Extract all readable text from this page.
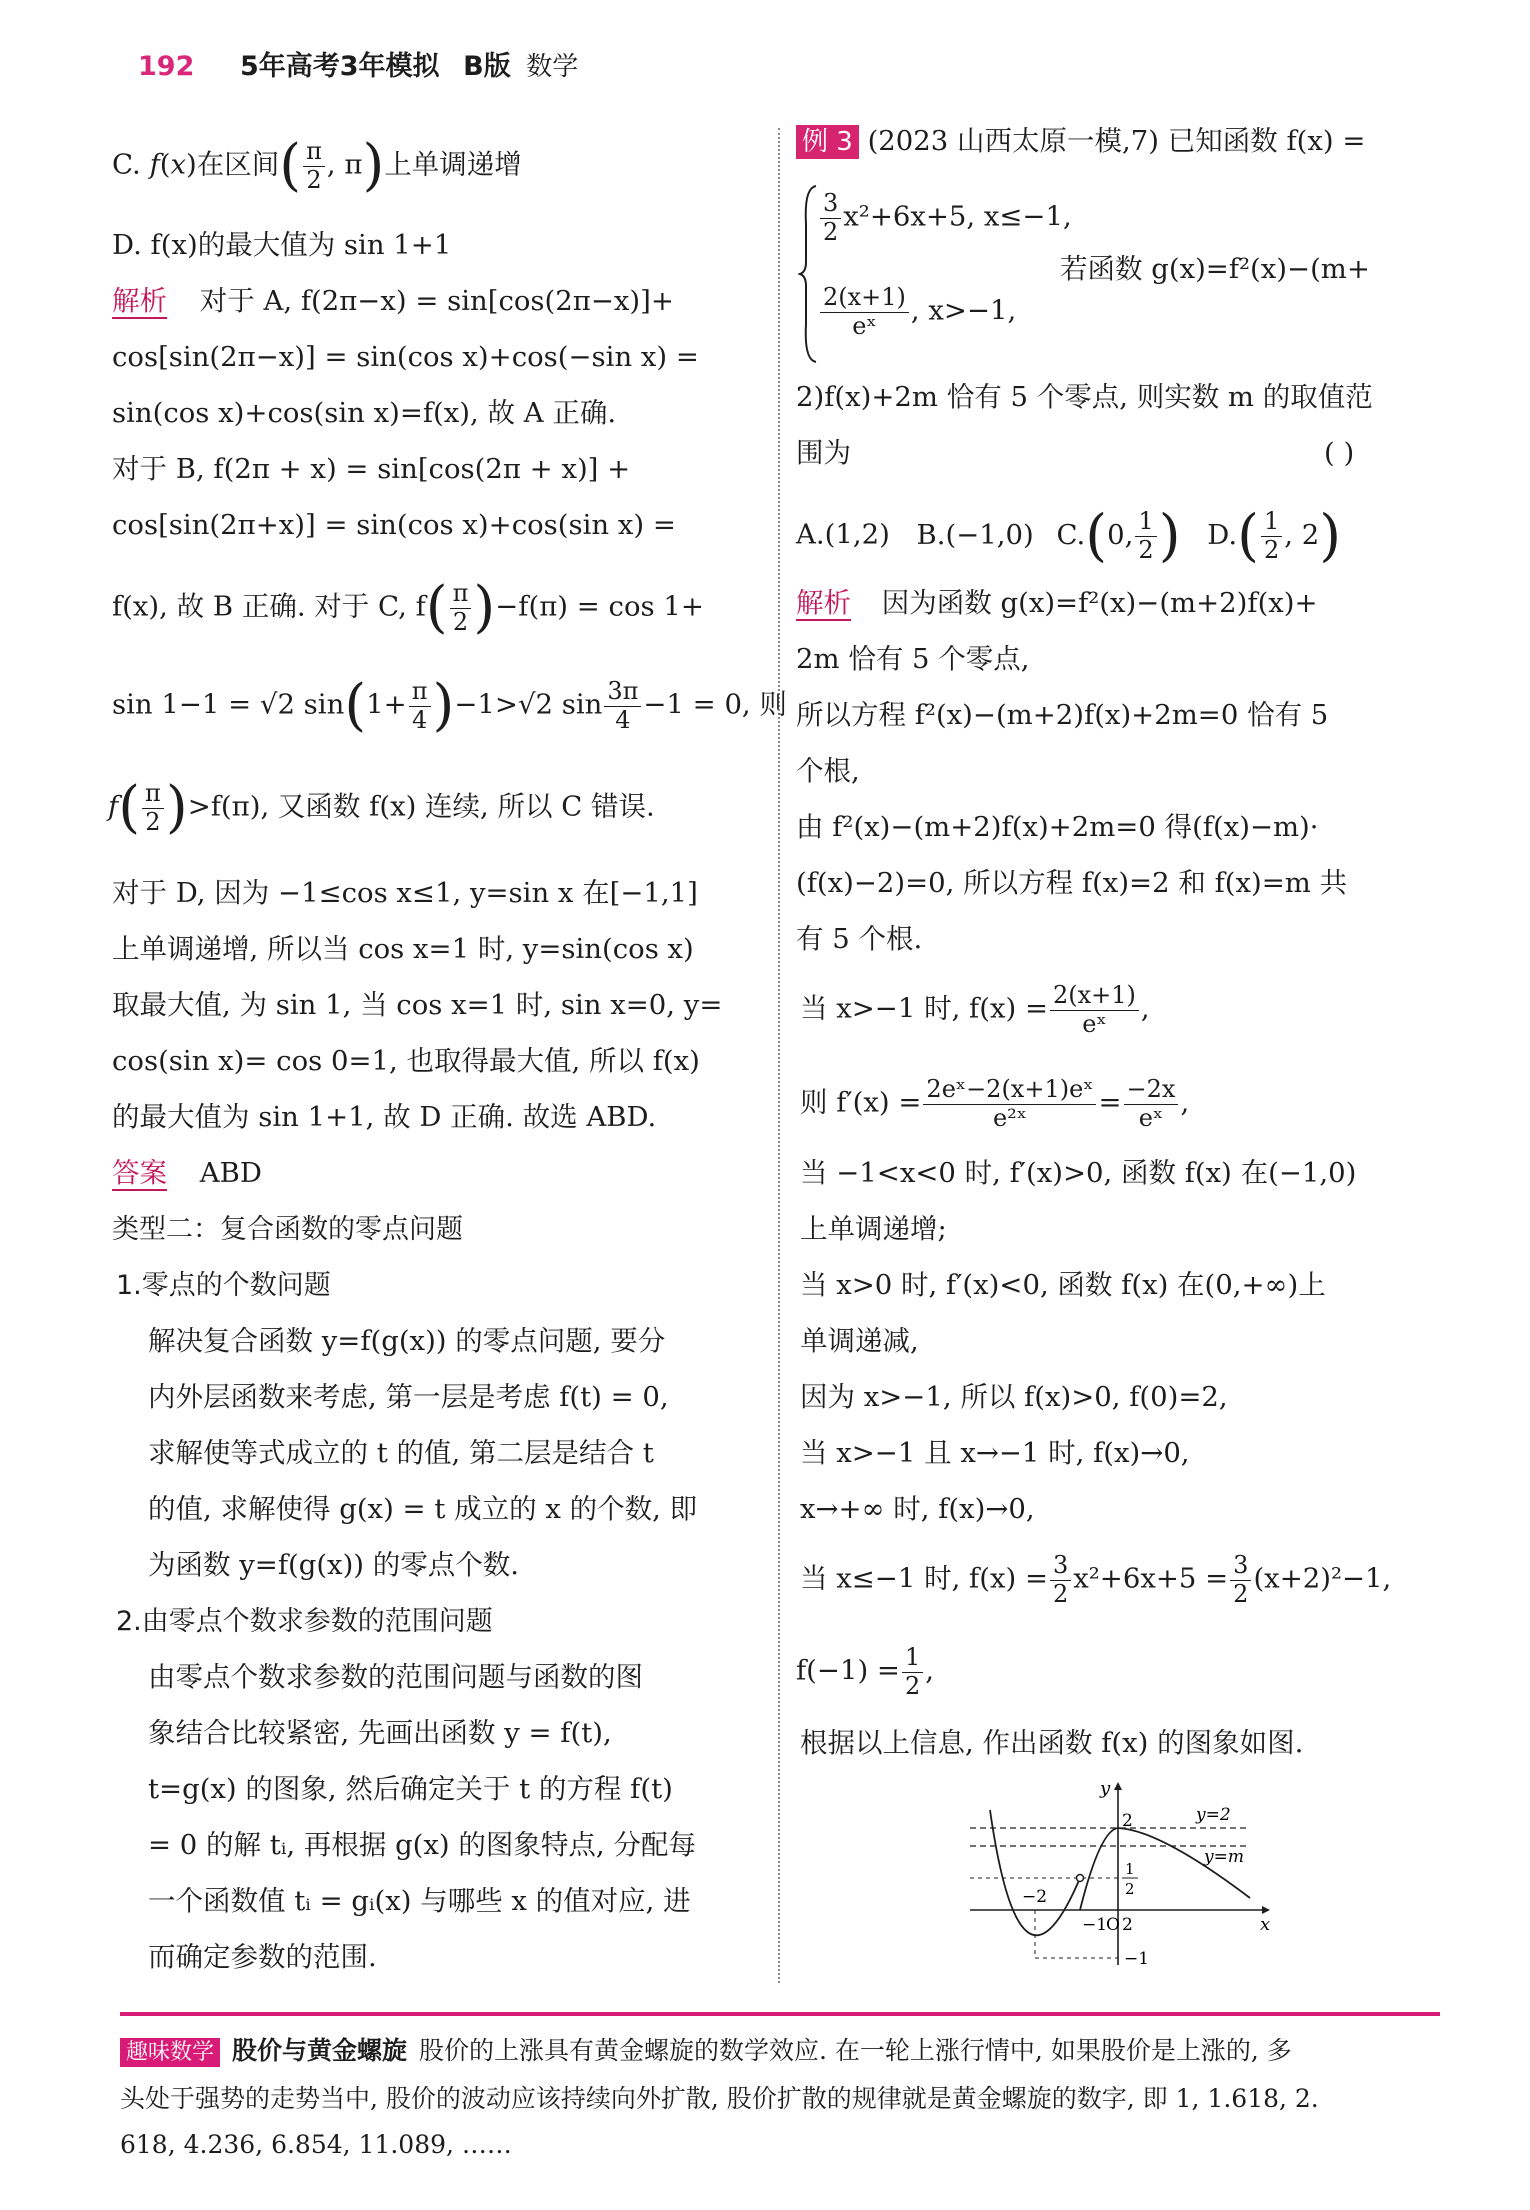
192 5年高考3年模拟 B版 数学
C. f(x)在区间( $\frac{\pi}{2}$ , π)上单调递增
D. f(x)的最大值为 sin 1+1
解析 对于 A, f(2π−x) = sin[cos(2π−x)]+
cos[sin(2π−x)] = sin(cos x)+cos(−sin x) =
sin(cos x)+cos(sin x)=f(x), 故 A 正确.
对于 B, f(2π + x) = sin[cos(2π + x)] +
cos[sin(2π+x)] = sin(cos x)+cos(sin x) =
f(x), 故 B 正确. 对于 C, $f( \frac{\pi}{2} )-f(\pi) = \cos 1+$
sin 1−1 = √2 $\sin(1+ \frac{\pi}{4} )-1>√2$ $\sin \frac{3\pi}{4} -1 = 0$, 则
$f( \frac{\pi}{2} )>f(\pi)$, 又函数 f(x) 连续, 所以 C 错误.
对于 D, 因为 −1≤cos x≤1, y=sin x 在[−1,1]
上单调递增, 所以当 cos x=1 时, y=sin(cos x)
取最大值, 为 sin 1, 当 cos x=1 时, sin x=0, y=
cos(sin x)= cos 0=1, 也取得最大值, 所以 f(x)
的最大值为 sin 1+1, 故 D 正确. 故选 ABD.
答案 ABD
类型二：复合函数的零点问题
1.零点的个数问题
解决复合函数 y=f(g(x)) 的零点问题, 要分
内外层函数来考虑, 第一层是考虑 f(t) = 0,
求解使等式成立的 t 的值, 第二层是结合 t
的值, 求解使得 g(x) = t 成立的 x 的个数, 即
为函数 y=f(g(x)) 的零点个数.
2.由零点个数求参数的范围问题
由零点个数求参数的范围问题与函数的图
象结合比较紧密, 先画出函数 y = f(t),
t=g(x) 的图象, 然后确定关于 t 的方程 f(t)
= 0 的解 tᵢ, 再根据 g(x) 的图象特点, 分配每
一个函数值 tᵢ = gᵢ(x) 与哪些 x 的值对应, 进
而确定参数的范围.
例 3 (2023 山西太原一模,7) 已知函数 f(x) =
$\frac{3}{2} x^2+6x+5$, x≤−1,
若函数 g(x)=f²(x)−(m+
$\frac{2(x+1)}{\text{eˣ}}$ , x>−1,
2)f(x)+2m 恰有 5 个零点, 则实数 m 的取值范
围为	( )
A.(1,2) B.(−1,0) C.(0, $\frac{1}{2}$ ) $D.( \frac{1}{2}$ , 2)
解析 因为函数 g(x)=f²(x)−(m+2)f(x)+
2m 恰有 5 个零点,
所以方程 f²(x)−(m+2)f(x)+2m=0 恰有 5
个根,
由 f²(x)−(m+2)f(x)+2m=0 得(f(x)−m)·
(f(x)−2)=0, 所以方程 f(x)=2 和 f(x)=m 共
有 5 个根.
当 x>−1 时, $f(x) = \frac{2(x+1)}{\text{eˣ}}$ ,
则 $f'(x) = \frac{\text{2eˣ−2(x+1)eˣ}}{\text{e²ˣ}} = \frac{-2x}{\text{eˣ}}$ ,
当 −1<x<0 时, f′(x)>0, 函数 f(x) 在(−1,0)
上单调递增;
当 x>0 时, f′(x)<0, 函数 f(x) 在(0,+∞)上
单调递减,
因为 x>−1, 所以 f(x)>0, f(0)=2,
当 x>−1 且 x→−1 时, f(x)→0,
x→+∞ 时, f(x)→0,
当 x≤−1 时, $f(x) = \frac{3}{2} x^2+6x+5 = \frac{3}{2} (x+2)^2-1$,
$f(-1) = \frac{1}{2}$ ,
根据以上信息, 作出函数 f(x) 的图象如图.
y
x
y=2
y=m
2
1
2
−2
−1
O 2
−1
趣味数学 股价与黄金螺旋 股价的上涨具有黄金螺旋的数学效应. 在一轮上涨行情中, 如果股价是上涨的, 多
头处于强势的走势当中, 股价的波动应该持续向外扩散, 股价扩散的规律就是黄金螺旋的数字, 即 1, 1.618, 2.
618, 4.236, 6.854, 11.089, ……
